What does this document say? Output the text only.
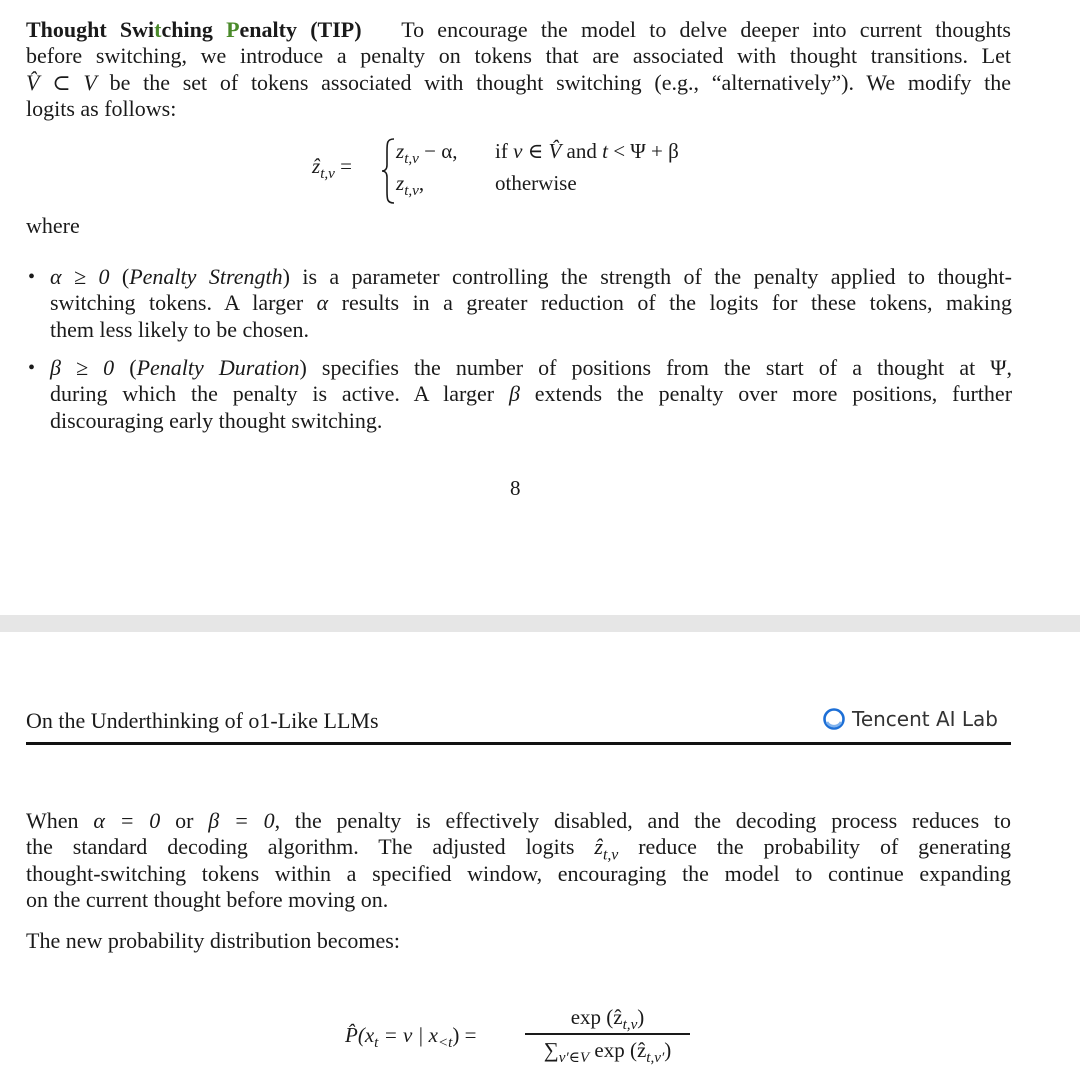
Thought Switching Penalty (TIP) To encourage the model to delve deeper into current thoughts
before switching, we introduce a penalty on tokens that are associated with thought transitions. Let
V̂ ⊂ V be the set of tokens associated with thought switching (e.g., “alternatively”). We modify the
logits as follows:
ẑ$_{t,v}$ =
$z_{t,v} - \alpha$, if v ∈ V̂ and t < Ψ + β
$z_{t,v}$,	otherwise
where
• α ≥ 0 (Penalty Strength) is a parameter controlling the strength of the penalty applied to thought-
switching tokens. A larger α results in a greater reduction of the logits for these tokens, making
them less likely to be chosen.
• β ≥ 0 (Penalty Duration) specifies the number of positions from the start of a thought at Ψ,
during which the penalty is active. A larger β extends the penalty over more positions, further
discouraging early thought switching.
8
On the Underthinking of o1-Like LLMs	Tencent AI Lab
When α = 0 or β = 0, the penalty is effectively disabled, and the decoding process reduces to
the standard decoding algorithm. The adjusted logits ẑ$_{t,v}$ reduce the probability of generating
thought-switching tokens within a specified window, encouraging the model to continue expanding
on the current thought before moving on.
The new probability distribution becomes:
$P̂(x_t = v$ | $x_{<t}$) =
exp (ẑ$_{t,v}$)
$\sum_{v'\in V}$ exp (ẑ$_{t,v'}$)
